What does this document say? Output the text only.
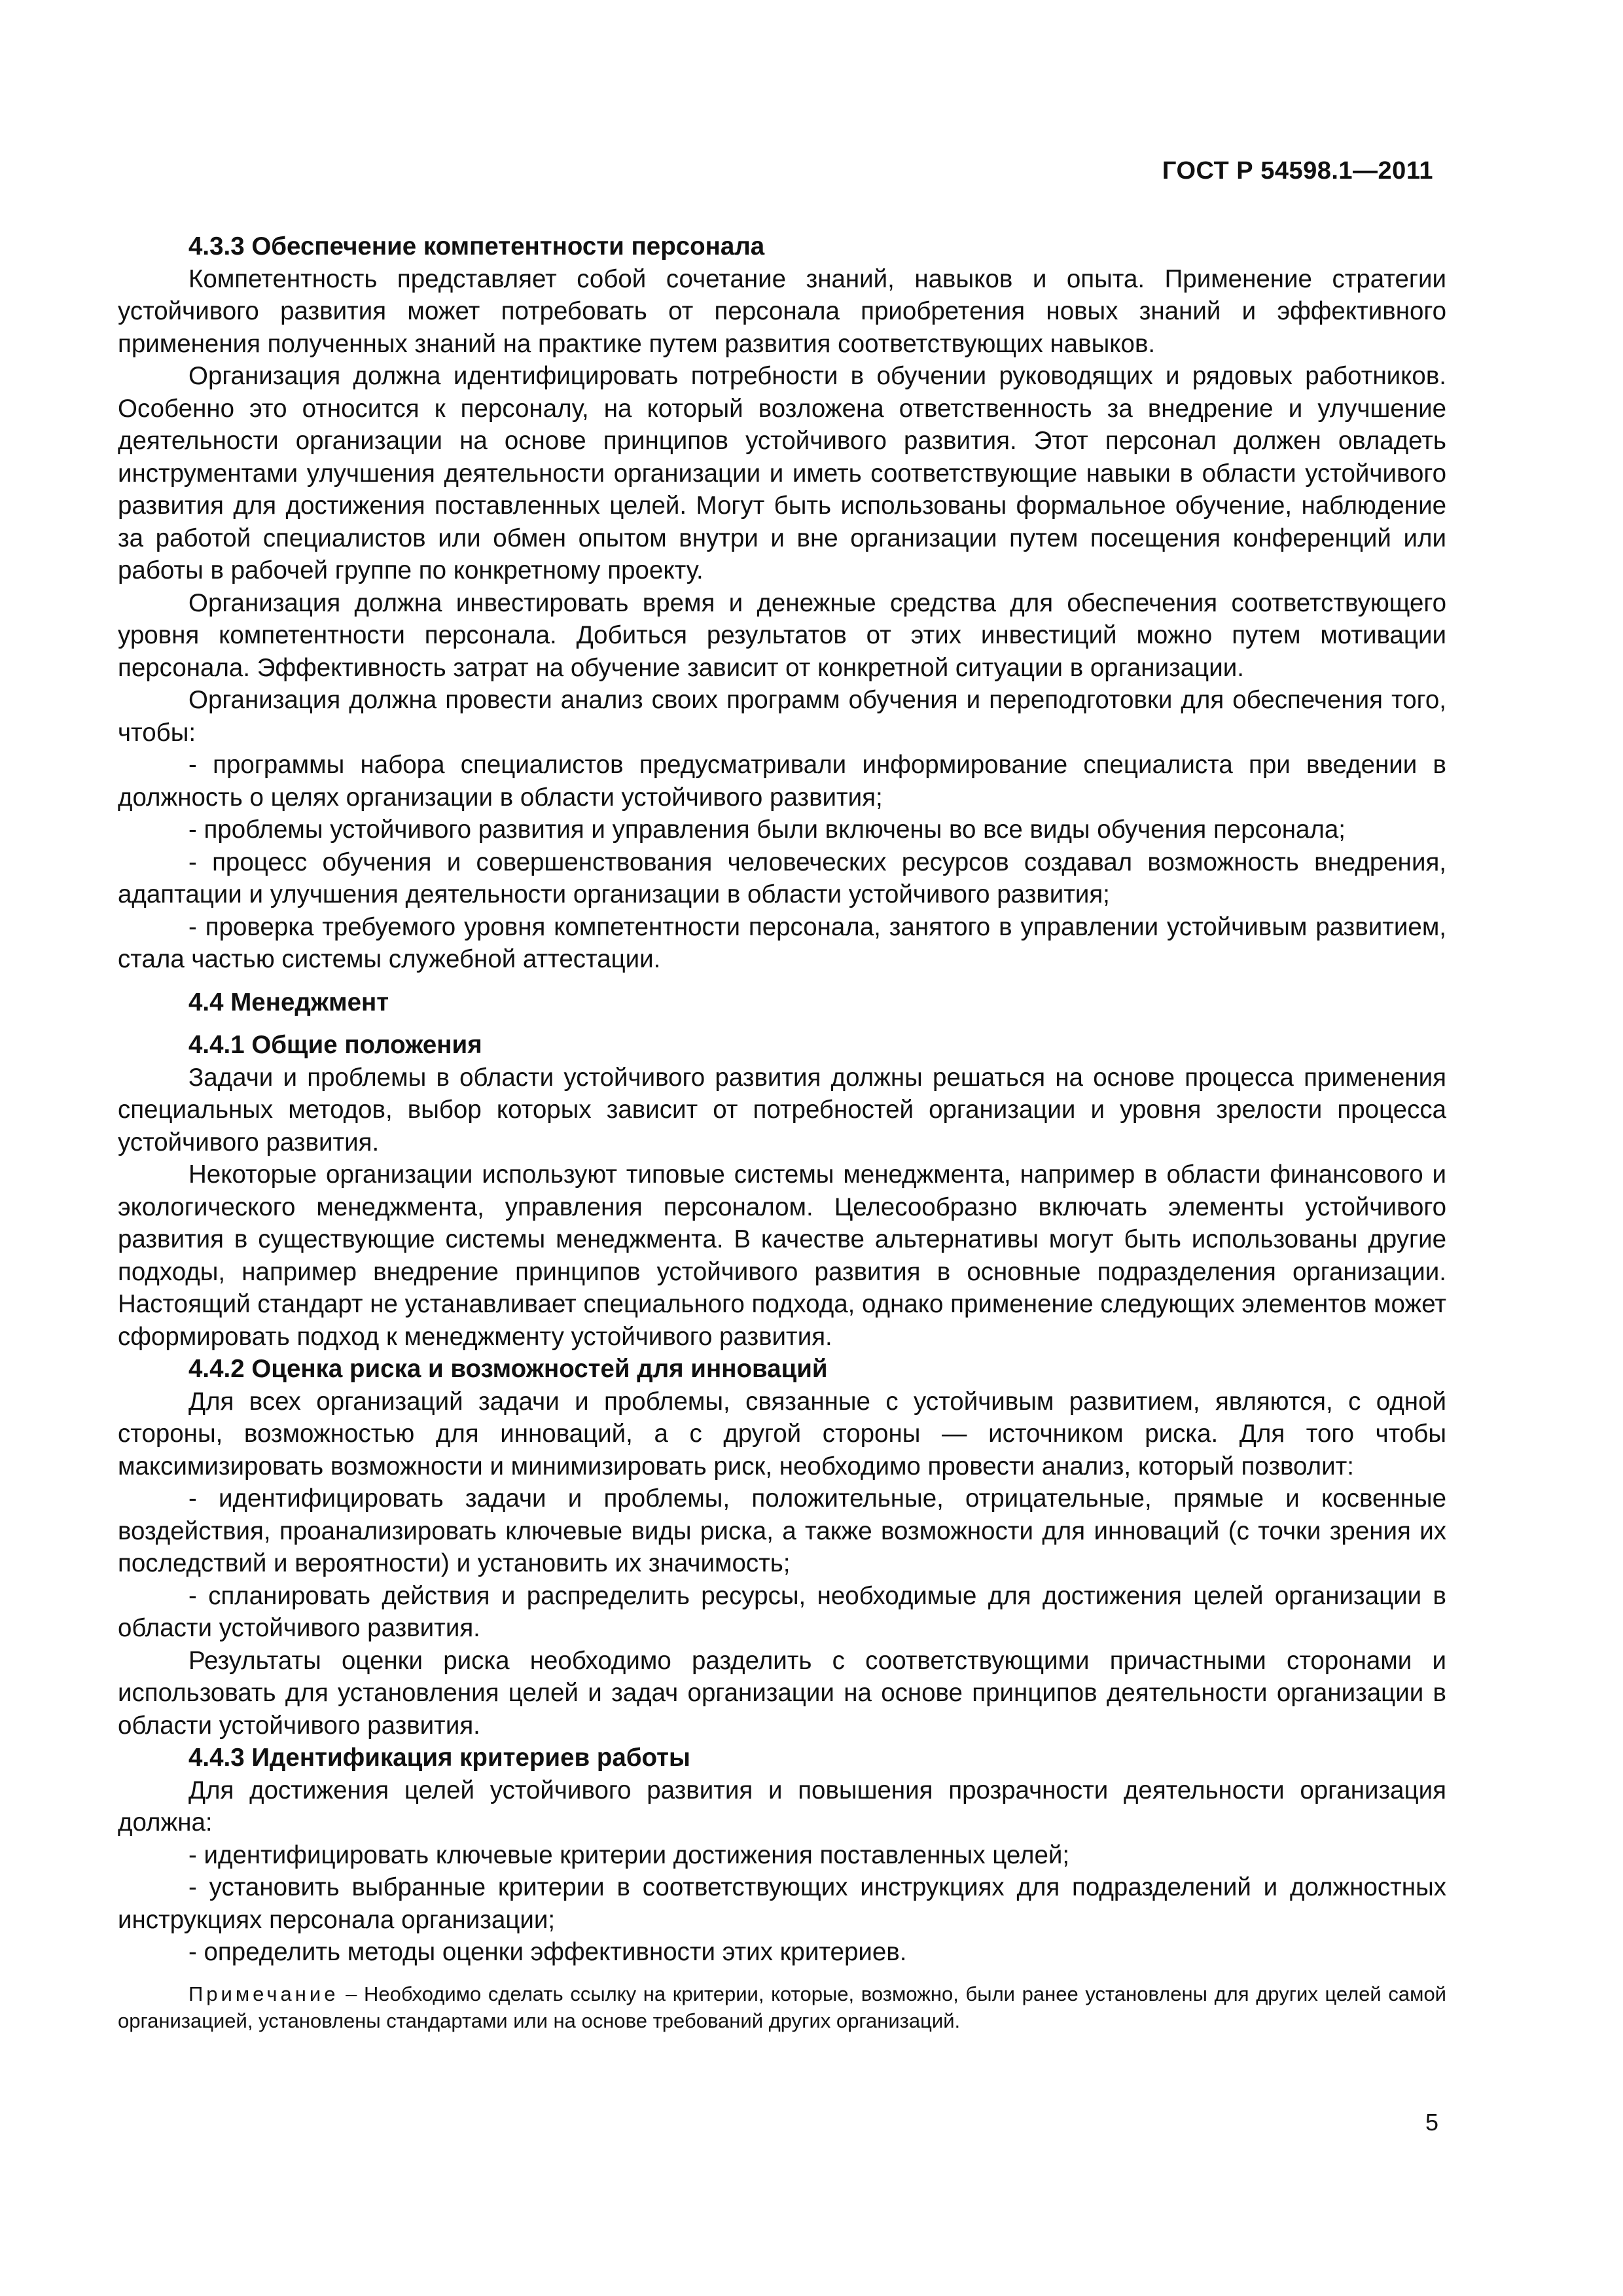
ГОСТ Р 54598.1—2011

4.3.3 Обеспечение компетентности персонала

Компетентность представляет собой сочетание знаний, навыков и опыта. Применение стратегии устойчивого развития может потребовать от персонала приобретения новых знаний и эффективного применения полученных знаний на практике путем развития соответствующих навыков.

Организация должна идентифицировать потребности в обучении руководящих и рядовых работников. Особенно это относится к персоналу, на который возложена ответственность за внедрение и улучшение деятельности организации на основе принципов устойчивого развития. Этот персонал должен овладеть инструментами улучшения деятельности организации и иметь соответствующие навыки в области устойчивого развития для достижения поставленных целей. Могут быть использованы формальное обучение, наблюдение за работой специалистов или обмен опытом внутри и вне организации путем посещения конференций или работы в рабочей группе по конкретному проекту.

Организация должна инвестировать время и денежные средства для обеспечения соответствующего уровня компетентности персонала. Добиться результатов от этих инвестиций можно путем мотивации персонала. Эффективность затрат на обучение зависит от конкретной ситуации в организации.

Организация должна провести анализ своих программ обучения и переподготовки для обеспечения того, чтобы:

- программы набора специалистов предусматривали информирование специалиста при введении в должность о целях организации в области устойчивого развития;

- проблемы устойчивого развития и управления были включены во все виды обучения персонала;

- процесс обучения и совершенствования человеческих ресурсов создавал возможность внедрения, адаптации и улучшения деятельности организации в области устойчивого развития;

- проверка требуемого уровня компетентности персонала, занятого в управлении устойчивым развитием, стала частью системы служебной аттестации.

4.4 Менеджмент

4.4.1 Общие положения

Задачи и проблемы в области устойчивого развития должны решаться на основе процесса применения специальных методов, выбор которых зависит от потребностей организации и уровня зрелости процесса устойчивого развития.

Некоторые организации используют типовые системы менеджмента, например в области финансового и экологического менеджмента, управления персоналом. Целесообразно включать элементы устойчивого развития в существующие системы менеджмента. В качестве альтернативы могут быть использованы другие подходы, например внедрение принципов устойчивого развития в основные подразделения организации. Настоящий стандарт не устанавливает специального подхода, однако применение следующих элементов может сформировать подход к менеджменту устойчивого развития.

4.4.2 Оценка риска и возможностей для инноваций

Для всех организаций задачи и проблемы, связанные с устойчивым развитием, являются, с одной стороны, возможностью для инноваций, а с другой стороны — источником риска. Для того чтобы максимизировать возможности и минимизировать риск, необходимо провести анализ, который позволит:

- идентифицировать задачи и проблемы, положительные, отрицательные, прямые и косвенные воздействия, проанализировать ключевые виды риска, а также возможности для инноваций (с точки зрения их последствий и вероятности) и установить их значимость;

- спланировать действия и распределить ресурсы, необходимые для достижения целей организации в области устойчивого развития.

Результаты оценки риска необходимо разделить с соответствующими причастными сторонами и использовать для установления целей и задач организации на основе принципов деятельности организации в области устойчивого развития.

4.4.3 Идентификация критериев работы

Для достижения целей устойчивого развития и повышения прозрачности деятельности организация должна:

- идентифицировать ключевые критерии достижения поставленных целей;

- установить выбранные критерии в соответствующих инструкциях для подразделений и должностных инструкциях персонала организации;

- определить методы оценки эффективности этих критериев.

Примечание – Необходимо сделать ссылку на критерии, которые, возможно, были ранее установлены для других целей самой организацией, установлены стандартами или на основе требований других организаций.

5
